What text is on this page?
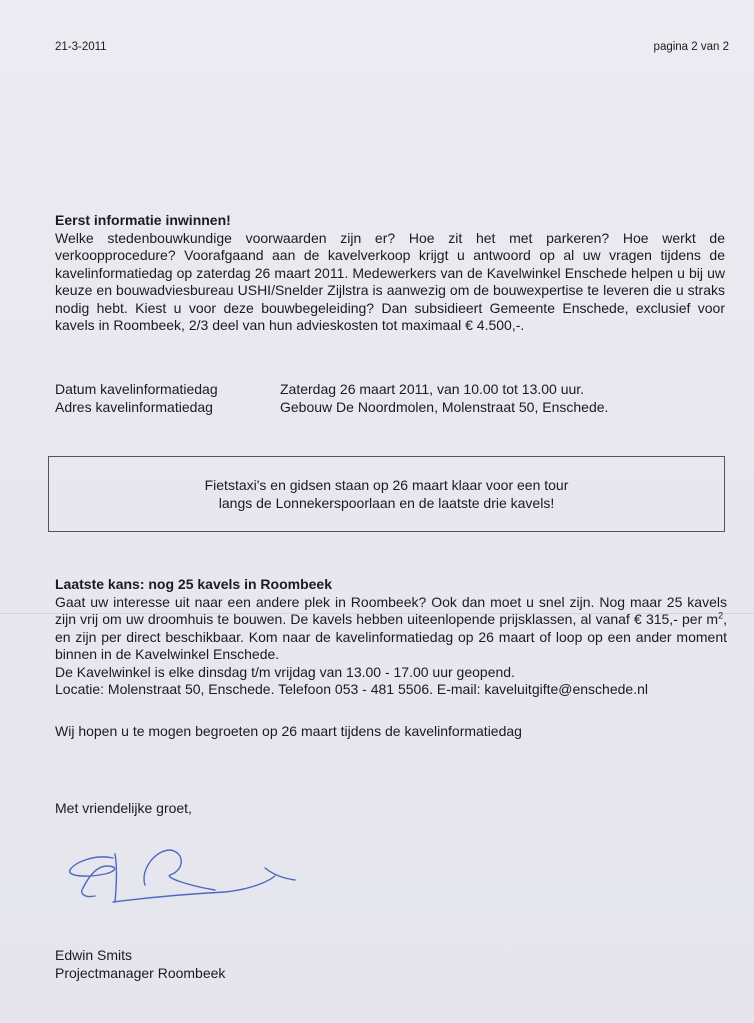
21-3-2011	pagina 2 van 2
Eerst informatie inwinnen!
Welke stedenbouwkundige voorwaarden zijn er? Hoe zit het met parkeren? Hoe werkt de verkoopprocedure? Voorafgaand aan de kavelverkoop krijgt u antwoord op al uw vragen tijdens de kavelinformatiedag op zaterdag 26 maart 2011. Medewerkers van de Kavelwinkel Enschede helpen u bij uw keuze en bouwadviesbureau USHI/Snelder Zijlstra is aanwezig om de bouwexpertise te leveren die u straks nodig hebt. Kiest u voor deze bouwbegeleiding? Dan subsidieert Gemeente Enschede, exclusief voor kavels in Roombeek, 2/3 deel van hun advieskosten tot maximaal € 4.500,-.
Datum kavelinformatiedag	Zaterdag 26 maart 2011, van 10.00 tot 13.00 uur.
Adres kavelinformatiedag	Gebouw De Noordmolen, Molenstraat 50, Enschede.
Fietstaxi's en gidsen staan op 26 maart klaar voor een tour
langs de Lonnekerspoorlaan en de laatste drie kavels!
Laatste kans: nog 25 kavels in Roombeek
Gaat uw interesse uit naar een andere plek in Roombeek? Ook dan moet u snel zijn. Nog maar 25 kavels zijn vrij om uw droomhuis te bouwen. De kavels hebben uiteenlopende prijsklassen, al vanaf € 315,- per $m^2$, en zijn per direct beschikbaar. Kom naar de kavelinformatiedag op 26 maart of loop op een ander moment binnen in de Kavelwinkel Enschede.
De Kavelwinkel is elke dinsdag t/m vrijdag van 13.00 - 17.00 uur geopend.
Locatie: Molenstraat 50, Enschede. Telefoon 053 - 481 5506. E-mail: kaveluitgifte@enschede.nl
Wij hopen u te mogen begroeten op 26 maart tijdens de kavelinformatiedag
Met vriendelijke groet,
Edwin Smits
Projectmanager Roombeek
